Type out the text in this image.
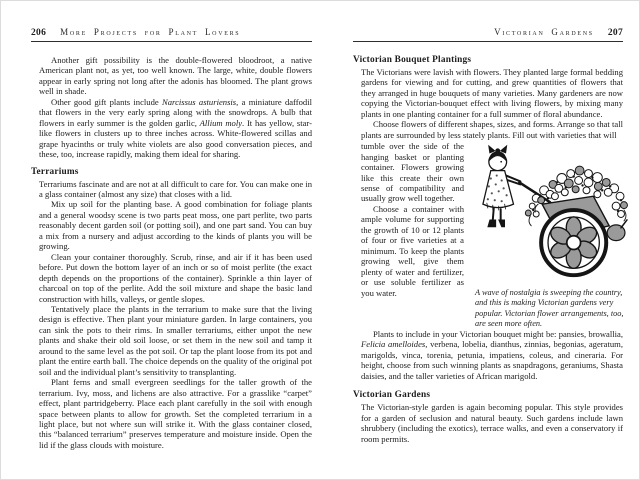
206 More Projects for Plant Lovers

Another gift possibility is the double-flowered bloodroot, a native American plant not, as yet, too well known. The large, white, double flowers appear in early spring not long after the adonis has bloomed. The plant grows well in shade.

Other good gift plants include Narcissus asturiensis, a miniature daffodil that flowers in the very early spring along with the snowdrops. A bulb that flowers in early summer is the golden garlic, Allium moly. It has yellow, star-like flowers in clusters up to three inches across. White-flowered scillas and grape hyacinths or truly white violets are also good conversation pieces, and these, too, increase rapidly, making them ideal for sharing.

Terrariums

Terrariums fascinate and are not at all difficult to care for. You can make one in a glass container (almost any size) that closes with a lid.

Mix up soil for the planting base. A good combination for foliage plants and a general woodsy scene is two parts peat moss, one part perlite, two parts reasonably decent garden soil (or potting soil), and one part sand. You can buy a mix from a nursery and adjust according to the kinds of plants you will be growing.

Clean your container thoroughly. Scrub, rinse, and air if it has been used before. Put down the bottom layer of an inch or so of moist perlite (the exact depth depends on the proportions of the container). Sprinkle a thin layer of charcoal on top of the perlite. Add the soil mixture and shape the basic land construction with hills, valleys, or gentle slopes.

Tentatively place the plants in the terrarium to make sure that the living design is effective. Then plant your miniature garden. In large containers, you can sink the pots to their rims. In smaller terrariums, either unpot the new plants and shake their old soil loose, or set them in the new soil and tamp it around to the same level as the pot soil. Or tap the plant loose from its pot and plant the entire earth ball. The choice depends on the quality of the original pot soil and the individual plant’s sensitivity to transplanting.

Plant ferns and small evergreen seedlings for the taller growth of the terrarium. Ivy, moss, and lichens are also attractive. For a grasslike “carpet” effect, plant partridgeberry. Place each plant carefully in the soil with enough space between plants to allow for growth. Set the completed terrarium in a light place, but not where sun will strike it. With the glass container closed, this “balanced terrarium” preserves temperature and moisture inside. Open the lid if the glass clouds with moisture.

Victorian Gardens 207
Victorian Bouquet Plantings

The Victorians were lavish with flowers. They planted large formal bedding gardens for viewing and for cutting, and grew quantities of flowers that they arranged in huge bouquets of many varieties. Many gardeners are now copying the Victorian-bouquet effect with living flowers, by mixing many plants in one planting container for a full summer of floral abundance.

Choose flowers of different shapes, sizes, and forms. Arrange so that tall plants are surrounded by less stately plants. Fill out with varieties that will

tumble over the side of the hanging basket or planting container. Flowers growing like this create their own sense of compatibility and usually grow well together.

Choose a container with ample volume for supporting the growth of 10 or 12 plants of four or five varieties at a minimum. To keep the plants growing well, give them plenty of water and fertilizer, or use soluble fertilizer as you water.	A wave of nostalgia is sweeping the country, and this is making Victorian gardens very popular. Victorian flower arrangements, too, are seen more often.

Plants to include in your Victorian bouquet might be: pansies, browallia, Felicia amelloides, verbena, lobelia, dianthus, zinnias, begonias, ageratum, marigolds, vinca, torenia, petunia, impatiens, coleus, and cineraria. For height, choose from such winning plants as snapdragons, geraniums, Shasta daisies, and the taller varieties of African marigold.

Victorian Gardens

The Victorian-style garden is again becoming popular. This style provides for a garden of seclusion and natural beauty. Such gardens include lawn shrubbery (including the exotics), terrace walks, and even a conservatory if room permits.
